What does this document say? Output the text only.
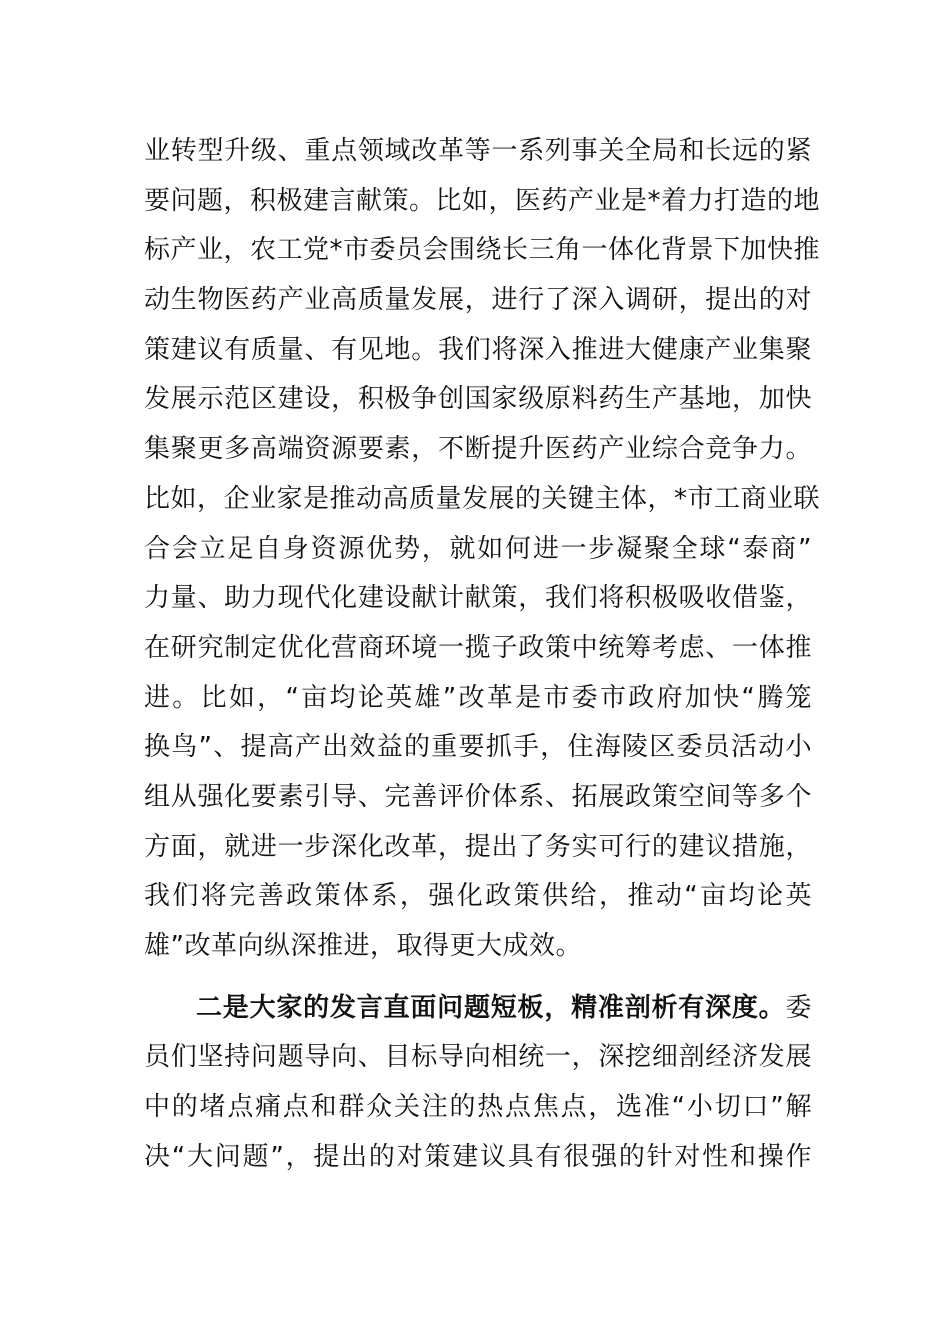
业转型升级、重点领域改革等一系列事关全局和长远的紧
要问题，积极建言献策。比如，医药产业是*着力打造的地
标产业，农工党*市委员会围绕长三角一体化背景下加快推
动生物医药产业高质量发展，进行了深入调研，提出的对
策建议有质量、有见地。我们将深入推进大健康产业集聚
发展示范区建设，积极争创国家级原料药生产基地，加快
集聚更多高端资源要素，不断提升医药产业综合竞争力。
比如，企业家是推动高质量发展的关键主体，*市工商业联
合会立足自身资源优势，就如何进一步凝聚全球“泰商”
力量、助力现代化建设献计献策，我们将积极吸收借鉴，
在研究制定优化营商环境一揽子政策中统筹考虑、一体推
进。比如，“亩均论英雄”改革是市委市政府加快“腾笼
换鸟”、提高产出效益的重要抓手，住海陵区委员活动小
组从强化要素引导、完善评价体系、拓展政策空间等多个
方面，就进一步深化改革，提出了务实可行的建议措施，
我们将完善政策体系，强化政策供给，推动“亩均论英
雄”改革向纵深推进，取得更大成效。
二是大家的发言直面问题短板，精准剖析有深度。委
员们坚持问题导向、目标导向相统一，深挖细剖经济发展
中的堵点痛点和群众关注的热点焦点，选准“小切口”解
决“大问题”，提出的对策建议具有很强的针对性和操作
